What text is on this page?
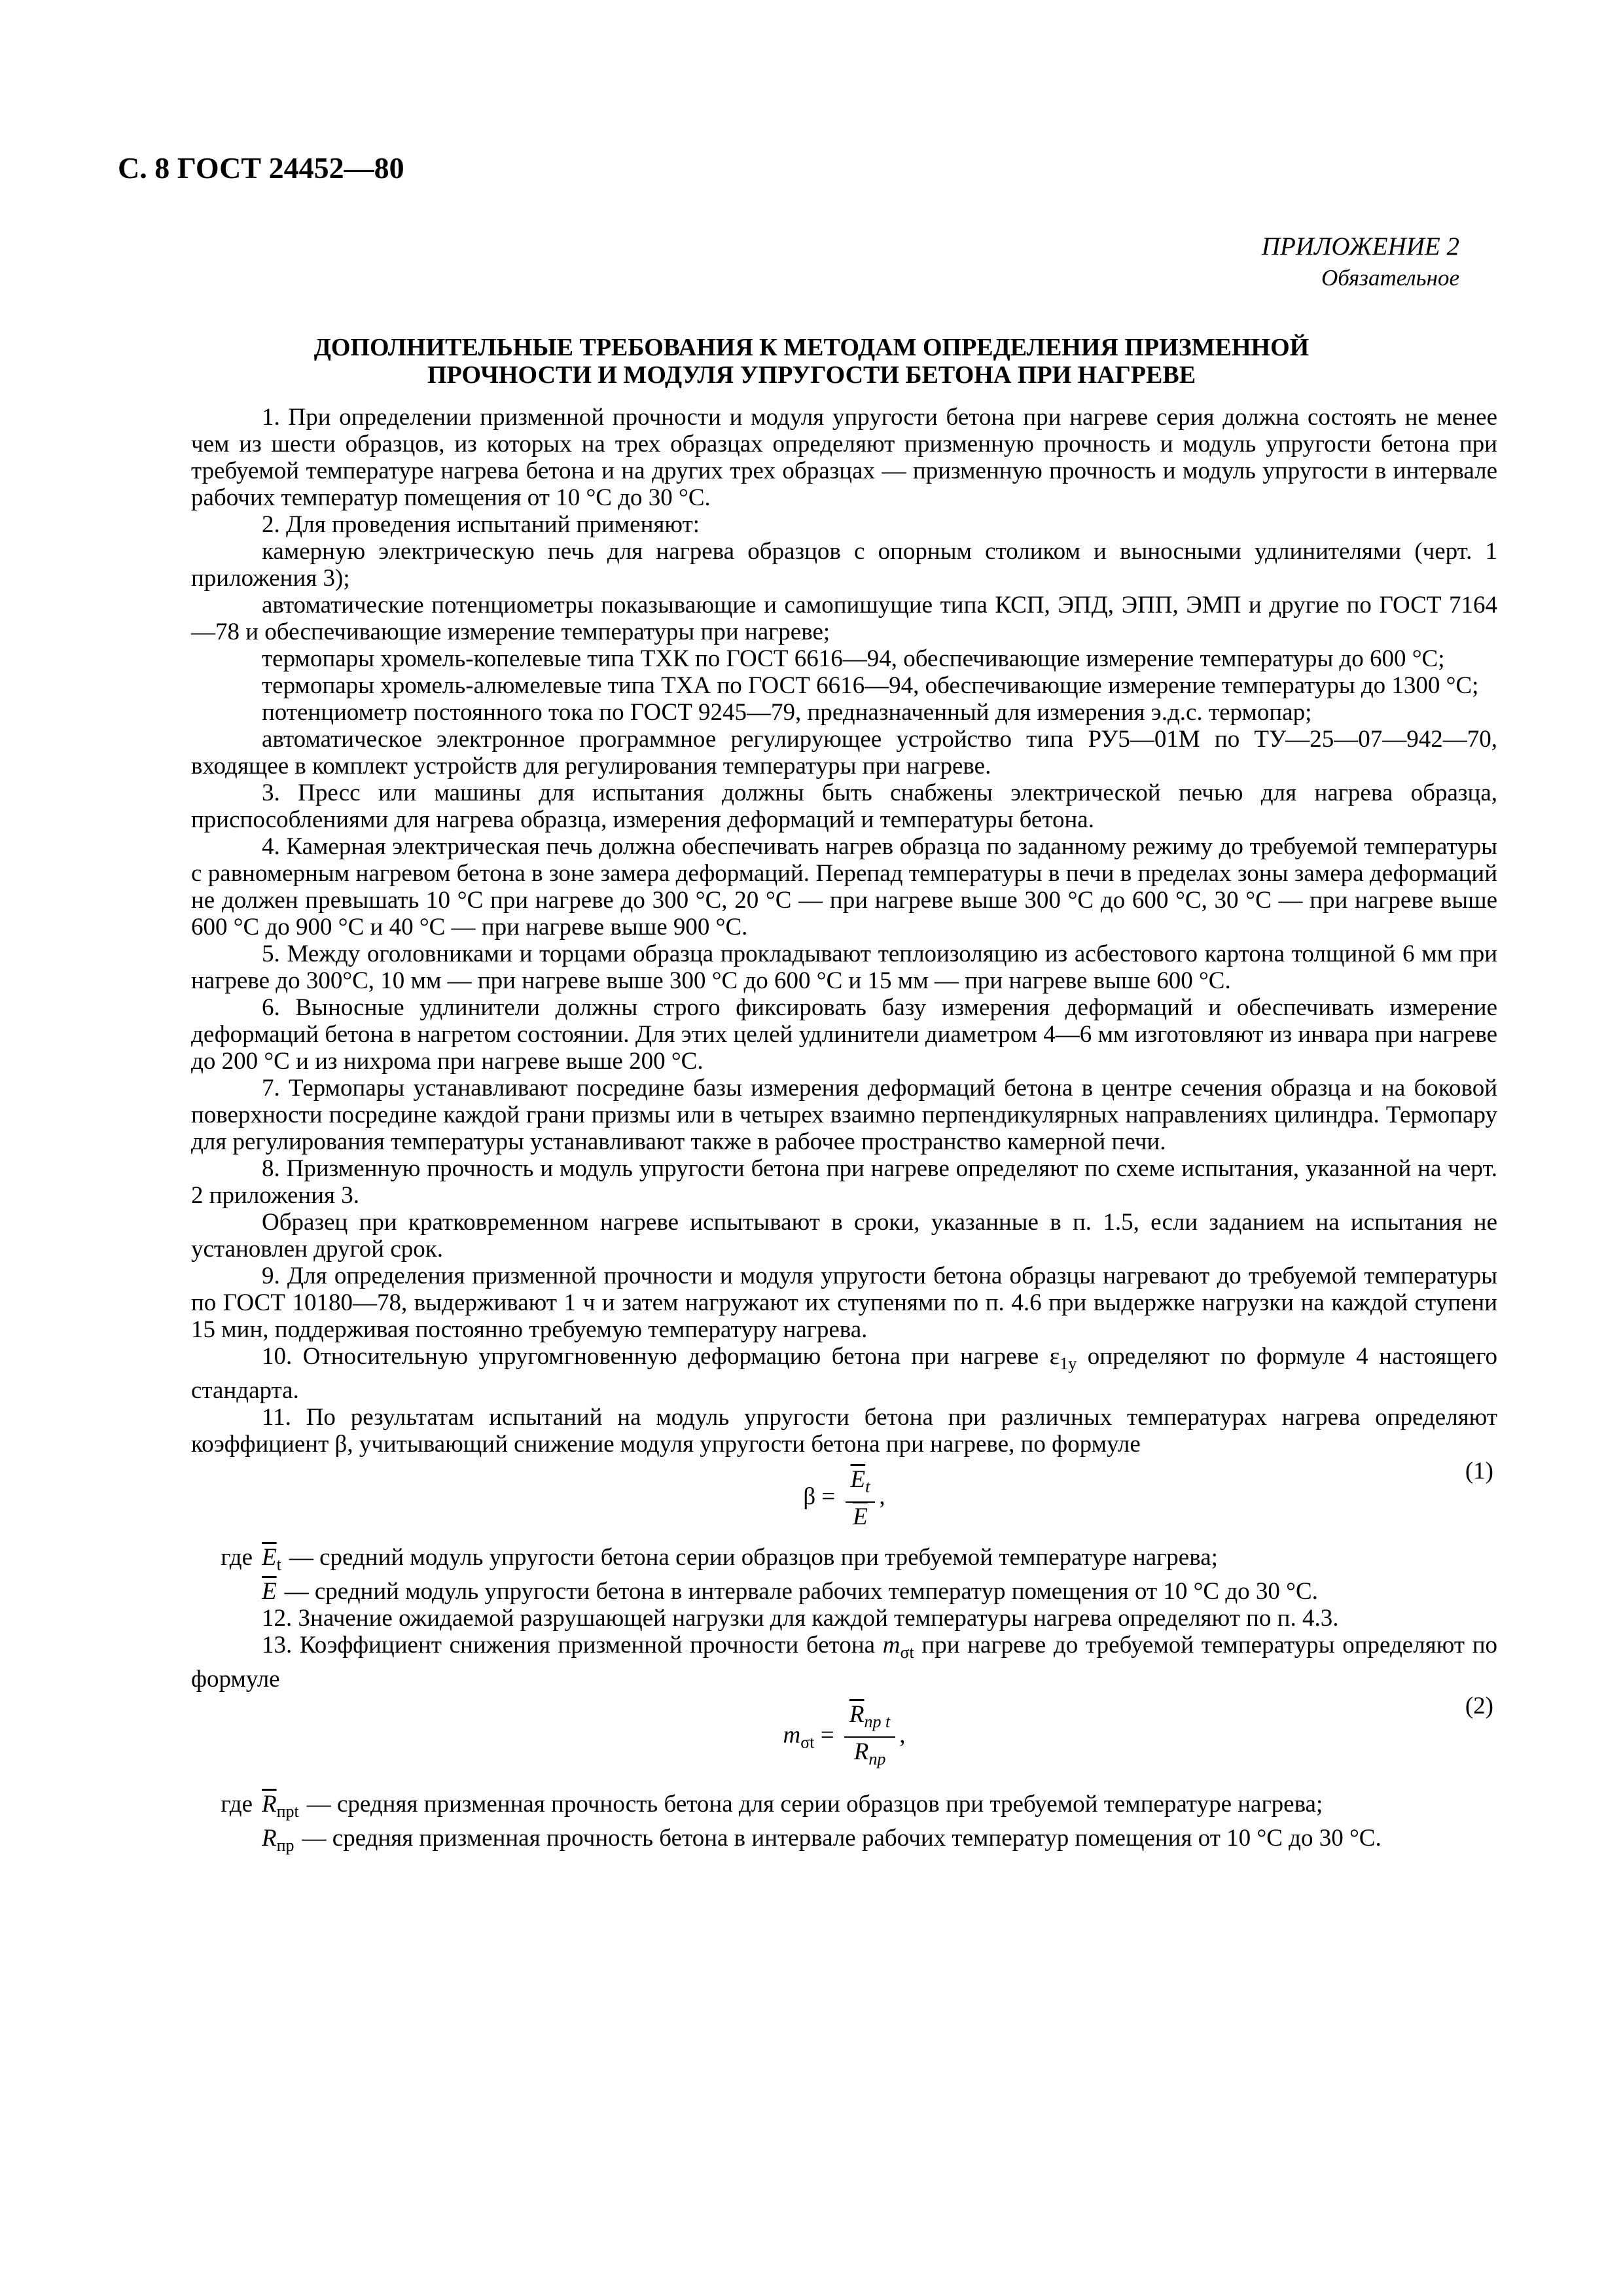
С. 8 ГОСТ 24452—80
ПРИЛОЖЕНИЕ 2
Обязательное
ДОПОЛНИТЕЛЬНЫЕ ТРЕБОВАНИЯ К МЕТОДАМ ОПРЕДЕЛЕНИЯ ПРИЗМЕННОЙ
ПРОЧНОСТИ И МОДУЛЯ УПРУГОСТИ БЕТОНА ПРИ НАГРЕВЕ

1. При определении призменной прочности и модуля упругости бетона при нагреве серия должна состоять не менее чем из шести образцов, из которых на трех образцах определяют призменную прочность и модуль упругости бетона при требуемой температуре нагрева бетона и на других трех образцах — призменную прочность и модуль упругости в интервале рабочих температур помещения от 10 °С до 30 °С.

2. Для проведения испытаний применяют:

камерную электрическую печь для нагрева образцов с опорным столиком и выносными удлинителями (черт. 1 приложения 3);

автоматические потенциометры показывающие и самопишущие типа КСП, ЭПД, ЭПП, ЭМП и другие по ГОСТ 7164—78 и обеспечивающие измерение температуры при нагреве;

термопары хромель-копелевые типа ТХК по ГОСТ 6616—94, обеспечивающие измерение температуры до 600 °С;

термопары хромель-алюмелевые типа ТХА по ГОСТ 6616—94, обеспечивающие измерение температуры до 1300 °С;

потенциометр постоянного тока по ГОСТ 9245—79, предназначенный для измерения э.д.с. термопар;

автоматическое электронное программное регулирующее устройство типа РУ5—01М по ТУ—25—07—942—70, входящее в комплект устройств для регулирования температуры при нагреве.

3. Пресс или машины для испытания должны быть снабжены электрической печью для нагрева образца, приспособлениями для нагрева образца, измерения деформаций и температуры бетона.

4. Камерная электрическая печь должна обеспечивать нагрев образца по заданному режиму до требуемой температуры с равномерным нагревом бетона в зоне замера деформаций. Перепад температуры в печи в пределах зоны замера деформаций не должен превышать 10 °С при нагреве до 300 °С, 20 °С — при нагреве выше 300 °С до 600 °С, 30 °С — при нагреве выше 600 °С до 900 °С и 40 °С — при нагреве выше 900 °С.

5. Между оголовниками и торцами образца прокладывают теплоизоляцию из асбестового картона толщиной 6 мм при нагреве до 300°С, 10 мм — при нагреве выше 300 °С до 600 °С и 15 мм — при нагреве выше 600 °С.

6. Выносные удлинители должны строго фиксировать базу измерения деформаций и обеспечивать измерение деформаций бетона в нагретом состоянии. Для этих целей удлинители диаметром 4—6 мм изготовляют из инвара при нагреве до 200 °С и из нихрома при нагреве выше 200 °С.

7. Термопары устанавливают посредине базы измерения деформаций бетона в центре сечения образца и на боковой поверхности посредине каждой грани призмы или в четырех взаимно перпендикулярных направлениях цилиндра. Термопару для регулирования температуры устанавливают также в рабочее пространство камерной печи.

8. Призменную прочность и модуль упругости бетона при нагреве определяют по схеме испытания, указанной на черт. 2 приложения 3.

Образец при кратковременном нагреве испытывают в сроки, указанные в п. 1.5, если заданием на испытания не установлен другой срок.

9. Для определения призменной прочности и модуля упругости бетона образцы нагревают до требуемой температуры по ГОСТ 10180—78, выдерживают 1 ч и затем нагружают их ступенями по п. 4.6 при выдержке нагрузки на каждой ступени 15 мин, поддерживая постоянно требуемую температуру нагрева.

10. Относительную упругомгновенную деформацию бетона при нагреве $\varepsilon_{1y}$ определяют по формуле 4 настоящего стандарта.

11. По результатам испытаний на модуль упругости бетона при различных температурах нагрева определяют коэффициент β, учитывающий снижение модуля упругости бетона при нагреве, по формуле

$\beta = \frac{\overline{E}_t}{E}$ ,
(1)
где $\overline{E}_t$ — средний модуль упругости бетона серии образцов при требуемой температуре нагрева;
$\overline{E}$ — средний модуль упругости бетона в интервале рабочих температур помещения от 10 °С до 30 °С.

12. Значение ожидаемой разрушающей нагрузки для каждой температуры нагрева определяют по п. 4.3.

13. Коэффициент снижения призменной прочности бетона $m_{\sigma t}$ при нагреве до требуемой температуры определяют по формуле

$m_{\sigma t} = \frac{\overline{R}_{пр t}}{R_{пр}}$ ,
(2)
где $\overline{R}_{прt}$ — средняя призменная прочность бетона для серии образцов при требуемой температуре нагрева;
$R_{пр}$ — средняя призменная прочность бетона в интервале рабочих температур помещения от 10 °С до 30 °С.
